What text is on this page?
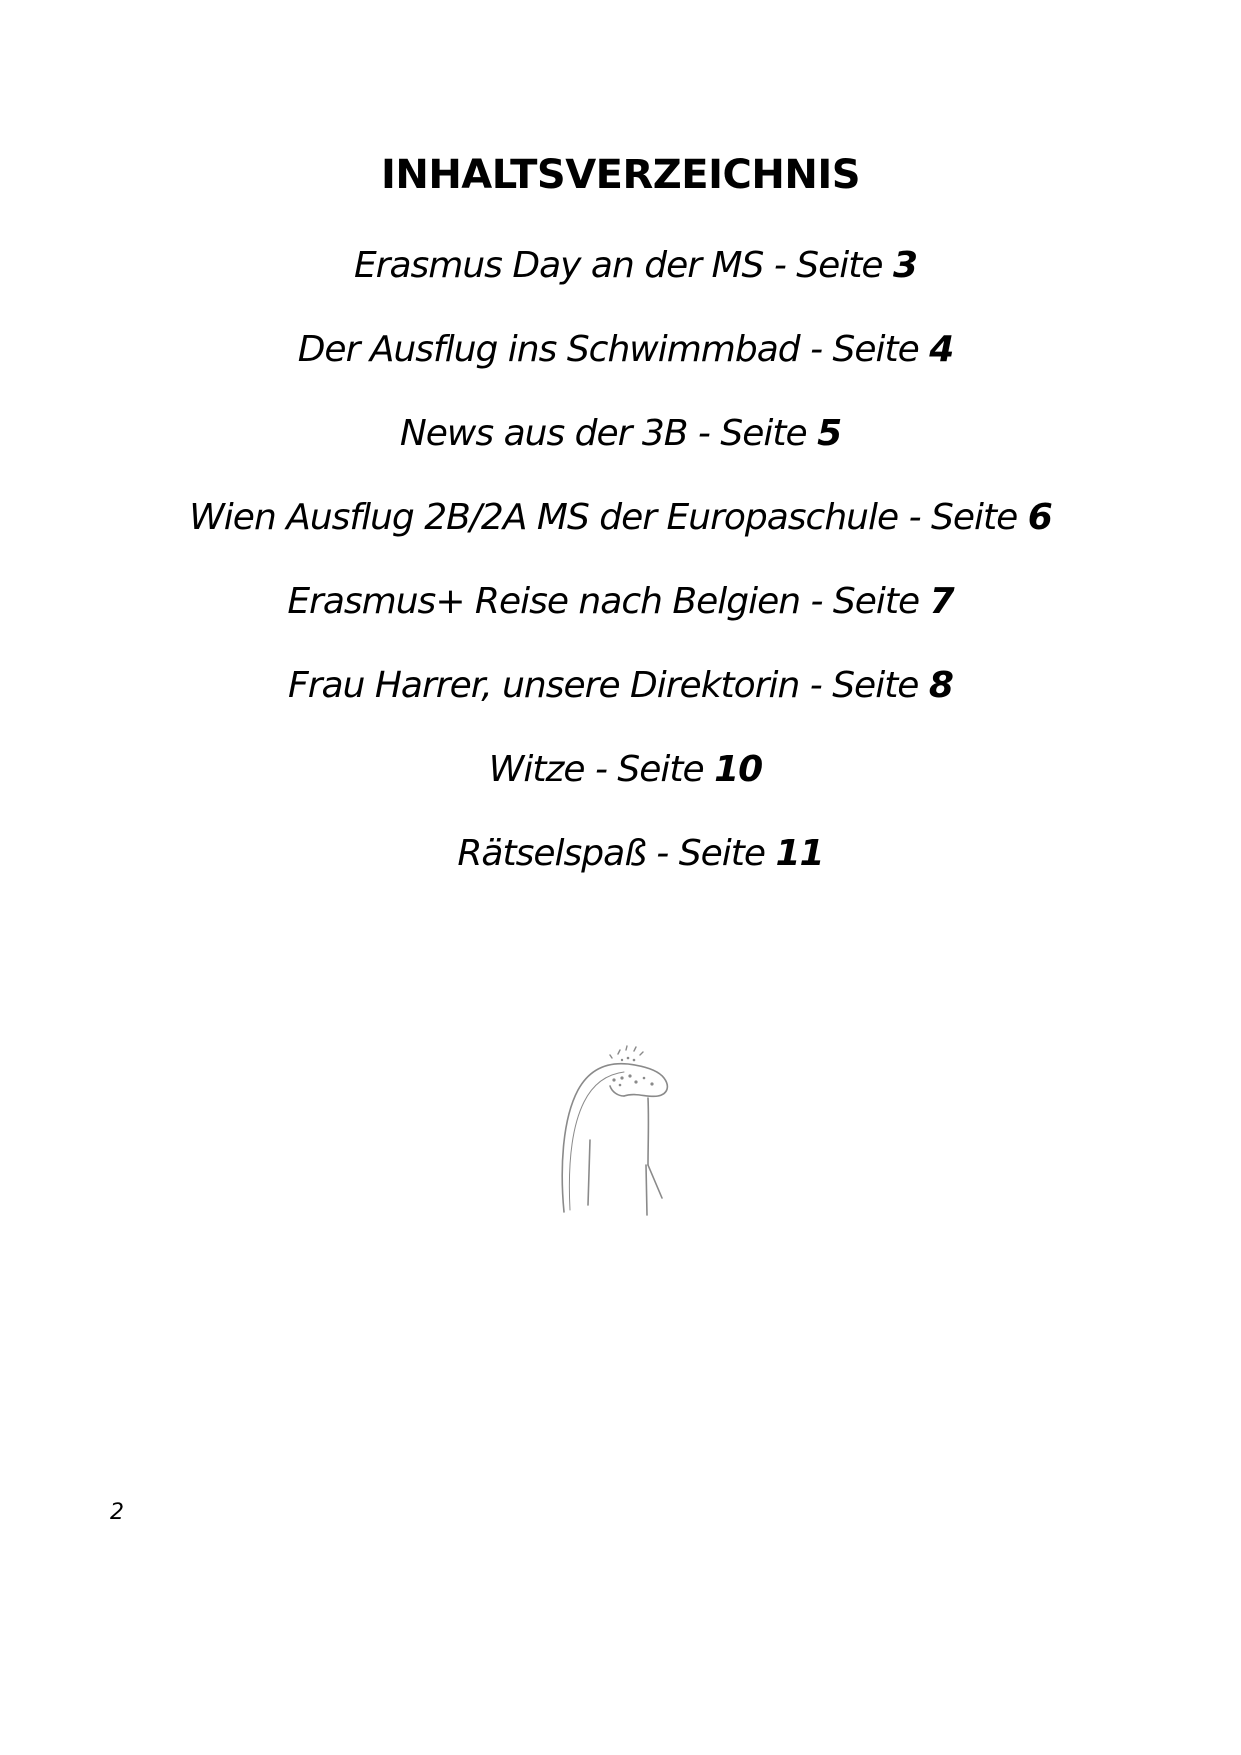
INHALTSVERZEICHNIS
Erasmus Day an der MS - Seite 3
Der Ausflug ins Schwimmbad - Seite 4
News aus der 3B - Seite 5
Wien Ausflug 2B/2A MS der Europaschule - Seite 6
Erasmus+ Reise nach Belgien - Seite 7
Frau Harrer, unsere Direktorin - Seite 8
Witze - Seite 10
Rätselspaß - Seite 11
2
